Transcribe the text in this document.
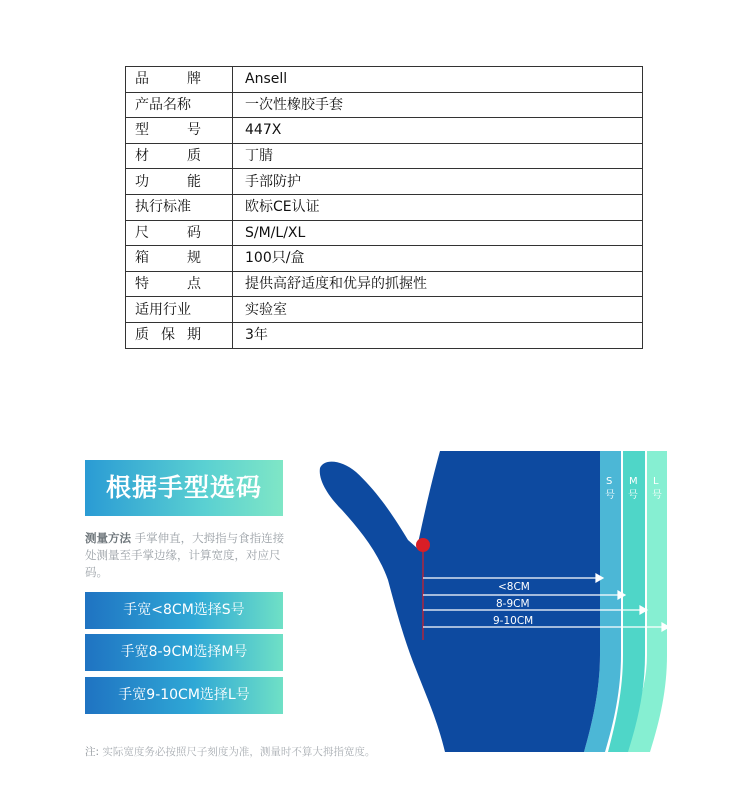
品 牌	Ansell

产品名称	一次性橡胶手套

型 号	447X

材 质	丁腈

功 能	手部防护

执行标准	欧标CE认证

尺 码	S/M/L/XL

箱 规	100只/盒

特 点	提供高舒适度和优异的抓握性

适用行业	实验室

质 保 期	3年
根据手型选码
测量方法 手掌伸直，大拇指与食指连接处测量至手掌边缘，计算宽度，对应尺码。
手宽<8CM选择S号
手宽8-9CM选择M号
手宽9-10CM选择L号
注: 实际宽度务必按照尺子刻度为准，测量时不算大拇指宽度。
<8CM
8-9CM
9-10CM
S
号
M
号
L
号
